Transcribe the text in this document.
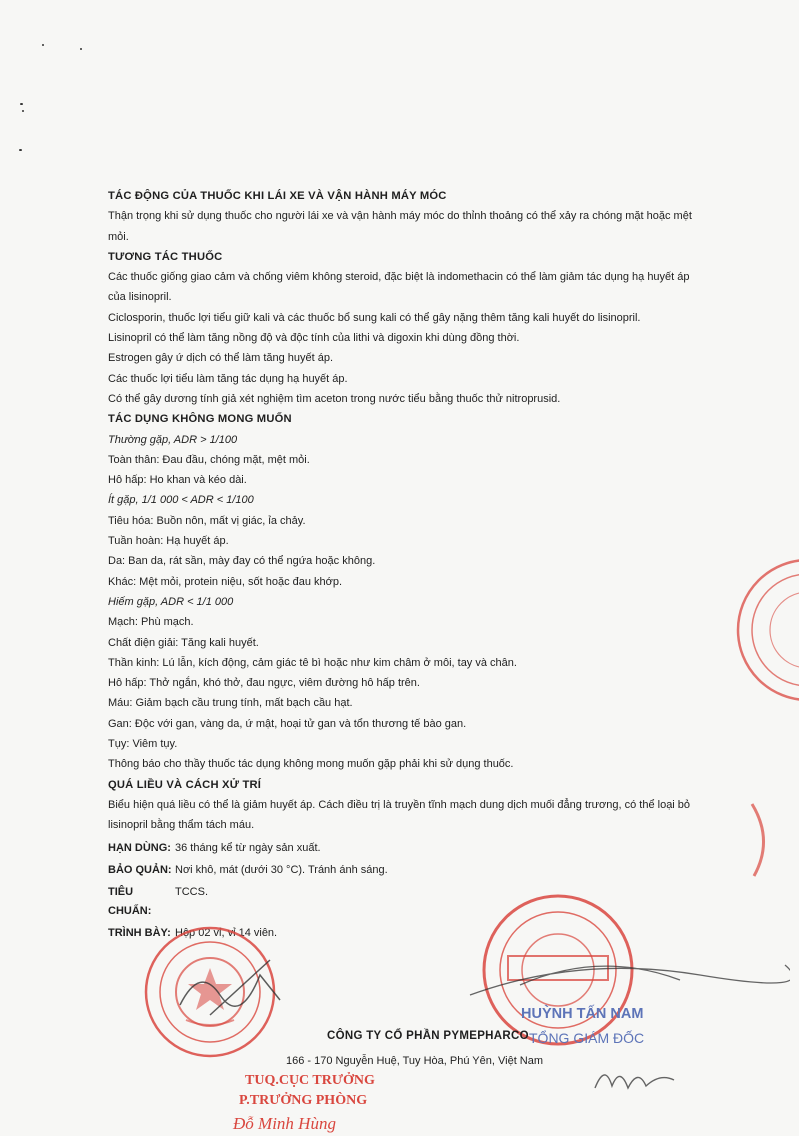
TÁC ĐỘNG CỦA THUỐC KHI LÁI XE VÀ VẬN HÀNH MÁY MÓC

Thận trọng khi sử dụng thuốc cho người lái xe và vận hành máy móc do thỉnh thoảng có thể xảy ra chóng mặt hoặc mệt

mỏi.

TƯƠNG TÁC THUỐC

Các thuốc giống giao cảm và chống viêm không steroid, đặc biệt là indomethacin có thể làm giảm tác dụng hạ huyết áp

của lisinopril.

Ciclosporin, thuốc lợi tiểu giữ kali và các thuốc bổ sung kali có thể gây nặng thêm tăng kali huyết do lisinopril.

Lisinopril có thể làm tăng nồng độ và độc tính của lithi và digoxin khi dùng đồng thời.

Estrogen gây ứ dịch có thể làm tăng huyết áp.

Các thuốc lợi tiểu làm tăng tác dụng hạ huyết áp.

Có thể gây dương tính giả xét nghiệm tìm aceton trong nước tiểu bằng thuốc thử nitroprusid.

TÁC DỤNG KHÔNG MONG MUỐN

Thường gặp, ADR > 1/100

Toàn thân: Đau đầu, chóng mặt, mệt mỏi.

Hô hấp: Ho khan và kéo dài.

Ít gặp, 1/1 000 < ADR < 1/100

Tiêu hóa: Buồn nôn, mất vị giác, ỉa chảy.

Tuần hoàn: Hạ huyết áp.

Da: Ban da, rát sần, mày đay có thể ngứa hoặc không.

Khác: Mệt mỏi, protein niệu, sốt hoặc đau khớp.

Hiếm gặp, ADR < 1/1 000

Mạch: Phù mạch.

Chất điện giải: Tăng kali huyết.

Thần kinh: Lú lẫn, kích động, cảm giác tê bì hoặc như kim châm ở môi, tay và chân.

Hô hấp: Thở ngắn, khó thở, đau ngực, viêm đường hô hấp trên.

Máu: Giảm bạch cầu trung tính, mất bạch cầu hạt.

Gan: Độc với gan, vàng da, ứ mật, hoại tử gan và tổn thương tế bào gan.

Tụy: Viêm tụy.

Thông báo cho thầy thuốc tác dụng không mong muốn gặp phải khi sử dụng thuốc.

QUÁ LIỀU VÀ CÁCH XỬ TRÍ

Biểu hiện quá liều có thể là giảm huyết áp. Cách điều trị là truyền tĩnh mạch dung dịch muối đẳng trương, có thể loại bỏ

lisinopril bằng thẩm tách máu.

HẠN DÙNG: 36 tháng kể từ ngày sản xuất.
BẢO QUẢN: Nơi khô, mát (dưới 30 °C). Tránh ánh sáng.
TIÊU CHUẨN:
TCCS.
TRÌNH BÀY: Hộp 02 vỉ, vỉ 14 viên.
HUỲNH TẤN NAM
TỔNG GIÁM ĐỐC
CÔNG TY CỔ PHẦN PYMEPHARCO
166 - 170 Nguyễn Huệ, Tuy Hòa, Phú Yên, Việt Nam
TUQ.CỤC TRƯỞNG
P.TRƯỞNG PHÒNG
Đỗ Minh Hùng
